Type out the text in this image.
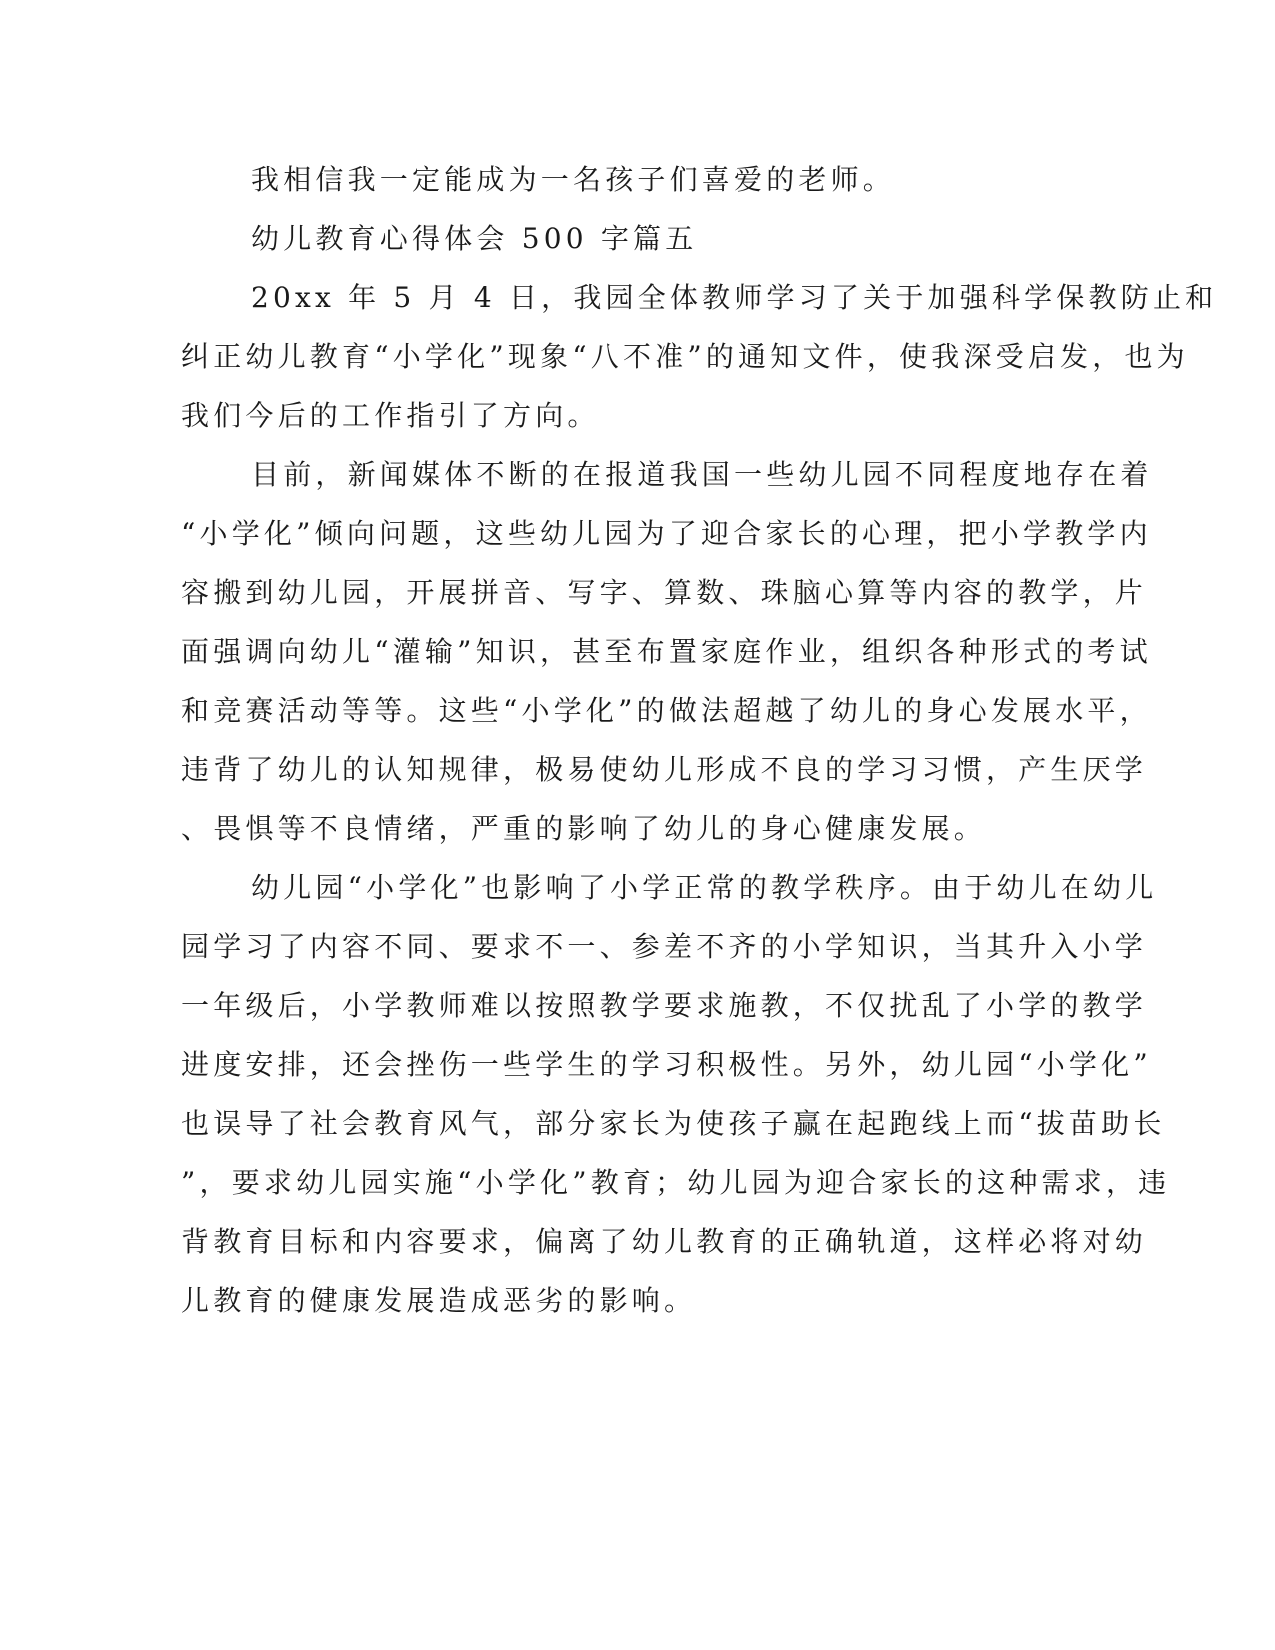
我相信我一定能成为一名孩子们喜爱的老师。
幼儿教育心得体会 500 字篇五
20xx 年 5 月 4 日，我园全体教师学习了关于加强科学保教防止和
纠正幼儿教育“小学化”现象“八不准”的通知文件，使我深受启发，也为
我们今后的工作指引了方向。
目前，新闻媒体不断的在报道我国一些幼儿园不同程度地存在着
“小学化”倾向问题，这些幼儿园为了迎合家长的心理，把小学教学内
容搬到幼儿园，开展拼音、写字、算数、珠脑心算等内容的教学，片
面强调向幼儿“灌输”知识，甚至布置家庭作业，组织各种形式的考试
和竞赛活动等等。这些“小学化”的做法超越了幼儿的身心发展水平，
违背了幼儿的认知规律，极易使幼儿形成不良的学习习惯，产生厌学
、畏惧等不良情绪，严重的影响了幼儿的身心健康发展。
幼儿园“小学化”也影响了小学正常的教学秩序。由于幼儿在幼儿
园学习了内容不同、要求不一、参差不齐的小学知识，当其升入小学
一年级后，小学教师难以按照教学要求施教，不仅扰乱了小学的教学
进度安排，还会挫伤一些学生的学习积极性。另外，幼儿园“小学化”
也误导了社会教育风气，部分家长为使孩子赢在起跑线上而“拔苗助长
”，要求幼儿园实施“小学化”教育；幼儿园为迎合家长的这种需求，违
背教育目标和内容要求，偏离了幼儿教育的正确轨道，这样必将对幼
儿教育的健康发展造成恶劣的影响。
